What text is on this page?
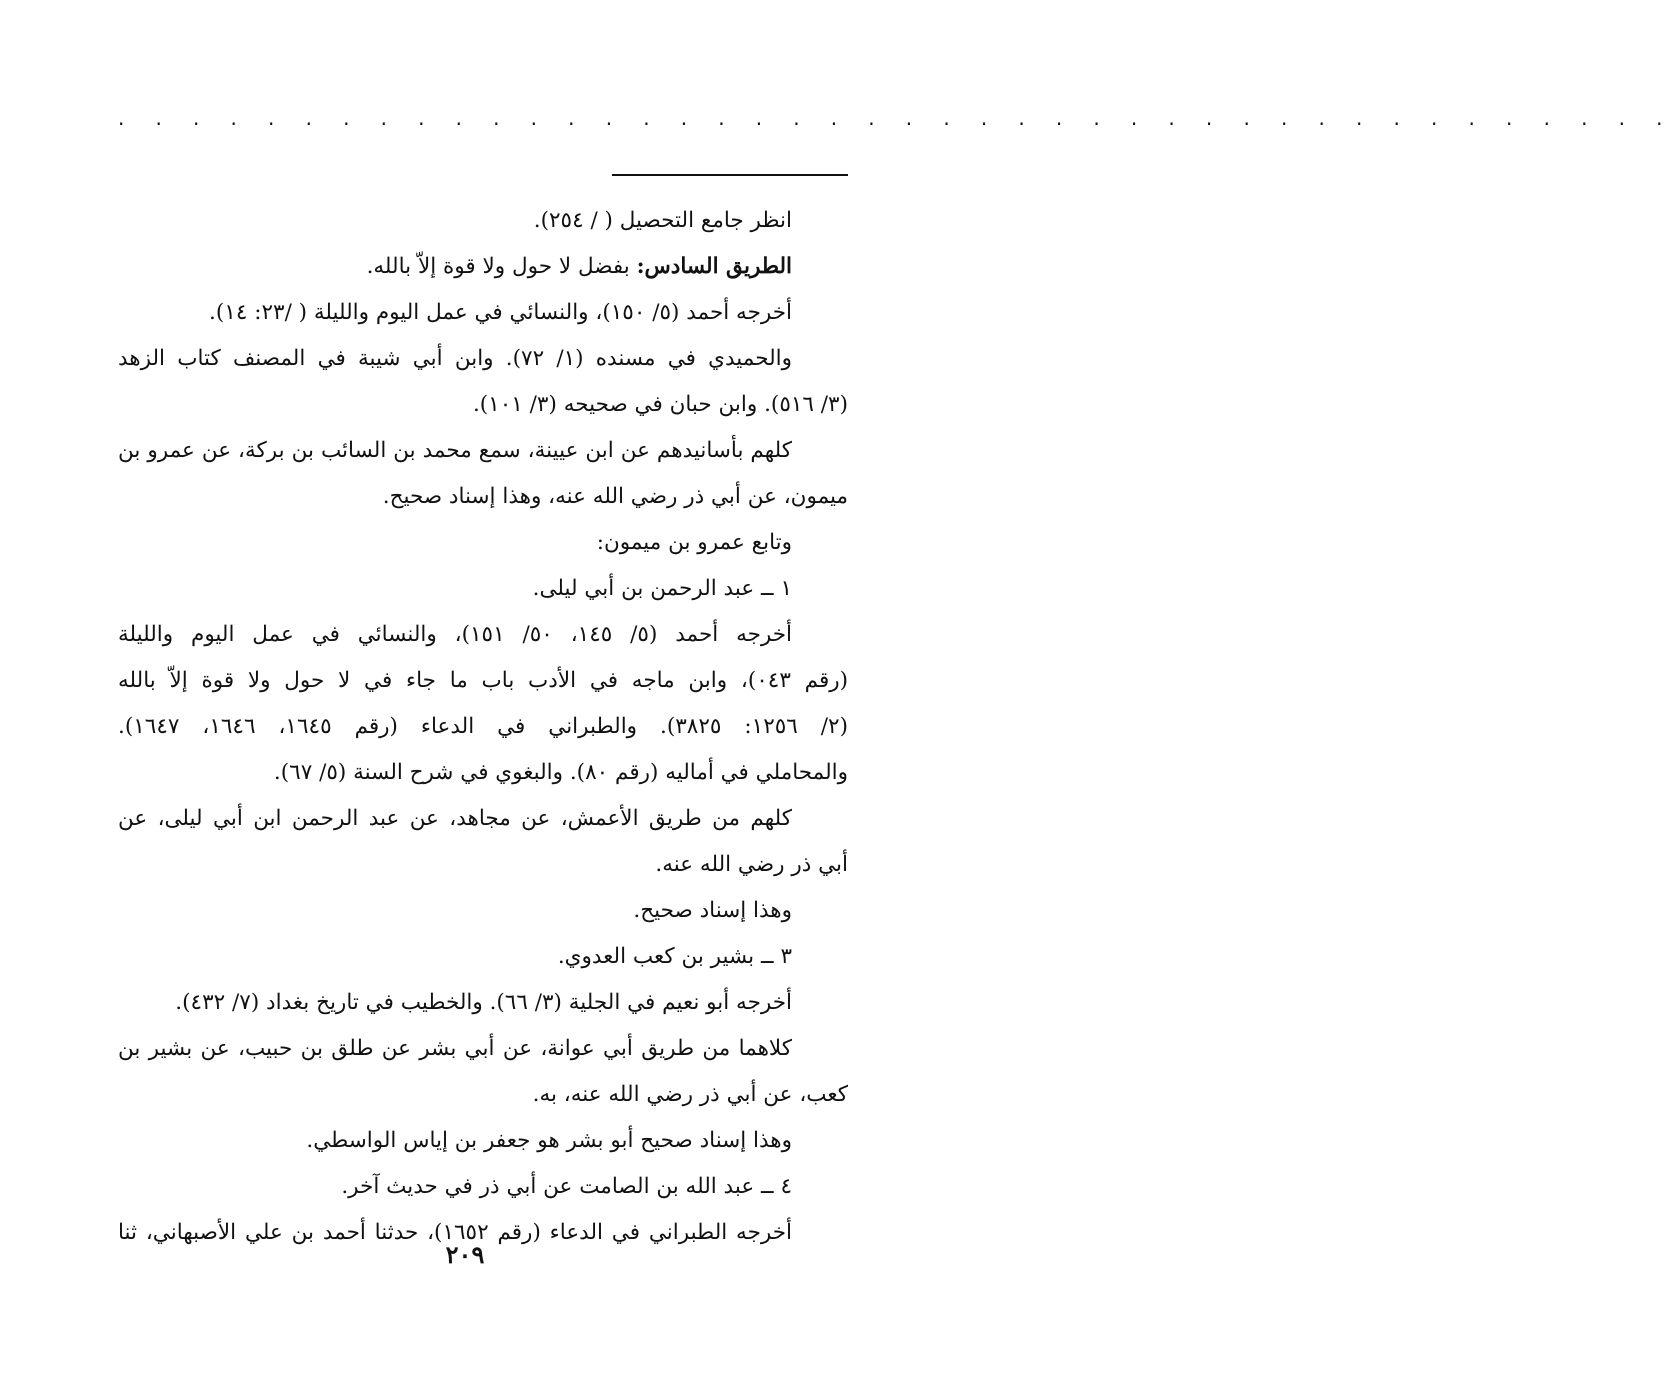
. . . . . . . . . . . . . . . . . . . . . . . . . . . . . . . . . . . . . . . . . .
انظر جامع التحصيل ( / ٢٥٤).
الطريق السادس: بفضل لا حول ولا قوة إلاّ بالله.
أخرجه أحمد (٥/ ١٥٠)، والنسائي في عمل اليوم والليلة ( /٢٣: ١٤).
والحميدي في مسنده (١/ ٧٢). وابن أبي شيبة في المصنف كتاب الزهد
(٣/ ٥١٦). وابن حبان في صحيحه (٣/ ١٠١).
كلهم بأسانيدهم عن ابن عيينة، سمع محمد بن السائب بن بركة، عن عمرو بن
ميمون، عن أبي ذر رضي الله عنه، وهذا إسناد صحيح.
وتابع عمرو بن ميمون:
١ ــ عبد الرحمن بن أبي ليلى.
أخرجه أحمد (٥/ ١٤٥، ٥٠/ ١٥١)، والنسائي في عمل اليوم والليلة
(رقم ٠٤٣)، وابن ماجه في الأدب باب ما جاء في لا حول ولا قوة إلاّ بالله
(٢/ ١٢٥٦: ٣٨٢٥). والطبراني في الدعاء (رقم ١٦٤٥، ١٦٤٦، ١٦٤٧).
والمحاملي في أماليه (رقم ٨٠). والبغوي في شرح السنة (٥/ ٦٧).
كلهم من طريق الأعمش، عن مجاهد، عن عبد الرحمن ابن أبي ليلى، عن
أبي ذر رضي الله عنه.
وهذا إسناد صحيح.
٣ ــ بشير بن كعب العدوي.
أخرجه أبو نعيم في الجلية (٣/ ٦٦). والخطيب في تاريخ بغداد (٧/ ٤٣٢).
كلاهما من طريق أبي عوانة، عن أبي بشر عن طلق بن حبيب، عن بشير بن
كعب، عن أبي ذر رضي الله عنه، به.
وهذا إسناد صحيح أبو بشر هو جعفر بن إياس الواسطي.
٤ ــ عبد الله بن الصامت عن أبي ذر في حديث آخر.
أخرجه الطبراني في الدعاء (رقم ١٦٥٢)، حدثنا أحمد بن علي الأصبهاني، ثنا
٢٠٩
